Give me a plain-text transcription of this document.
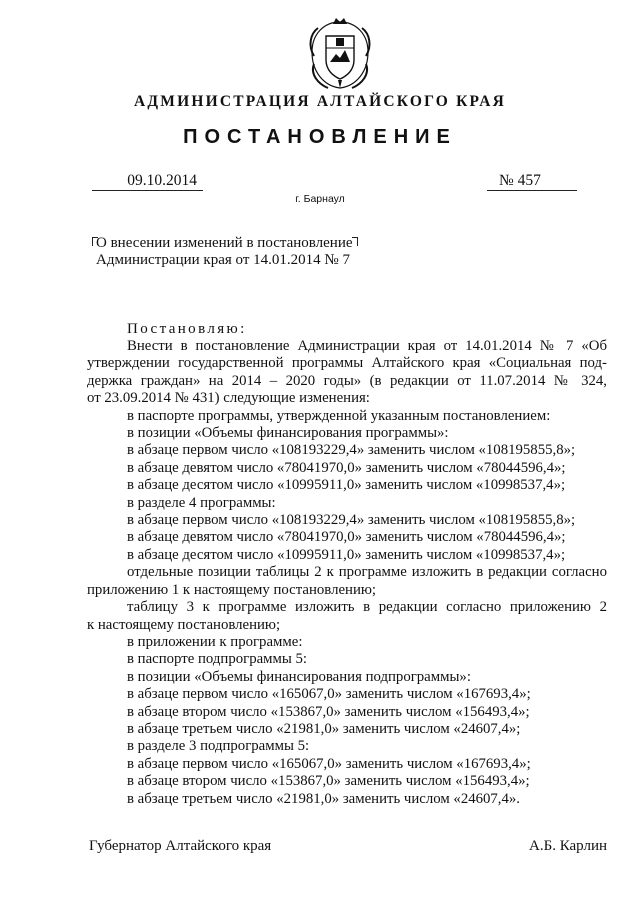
АДМИНИСТРАЦИЯ АЛТАЙСКОГО КРАЯ
ПОСТАНОВЛЕНИЕ
09.10.2014	№ 457
г. Барнаул
О внесении изменений в постановление
Администрации края от 14.01.2014 № 7
Постановляю:

Внести в постановление Администрации края от 14.01.2014 № 7 «Об

утверждении государственной программы Алтайского края «Социальная под-

держка граждан» на 2014 – 2020 годы» (в редакции от 11.07.2014 № 324,

от 23.09.2014 № 431) следующие изменения:

в паспорте программы, утвержденной указанным постановлением:

в позиции «Объемы финансирования программы»:

в абзаце первом число «108193229,4» заменить числом «108195855,8»;

в абзаце девятом число «78041970,0» заменить числом «78044596,4»;

в абзаце десятом число «10995911,0» заменить числом «10998537,4»;

в разделе 4 программы:

в абзаце первом число «108193229,4» заменить числом «108195855,8»;

в абзаце девятом число «78041970,0» заменить числом «78044596,4»;

в абзаце десятом число «10995911,0» заменить числом «10998537,4»;

отдельные позиции таблицы 2 к программе изложить в редакции согласно

приложению 1 к настоящему постановлению;

таблицу 3 к программе изложить в редакции согласно приложению 2

к настоящему постановлению;

в приложении к программе:

в паспорте подпрограммы 5:

в позиции «Объемы финансирования подпрограммы»:

в абзаце первом число «165067,0» заменить числом «167693,4»;

в абзаце втором число «153867,0» заменить числом «156493,4»;

в абзаце третьем число «21981,0» заменить числом «24607,4»;

в разделе 3 подпрограммы 5:

в абзаце первом число «165067,0» заменить числом «167693,4»;

в абзаце втором число «153867,0» заменить числом «156493,4»;

в абзаце третьем число «21981,0» заменить числом «24607,4».

Губернатор Алтайского края	А.Б. Карлин
